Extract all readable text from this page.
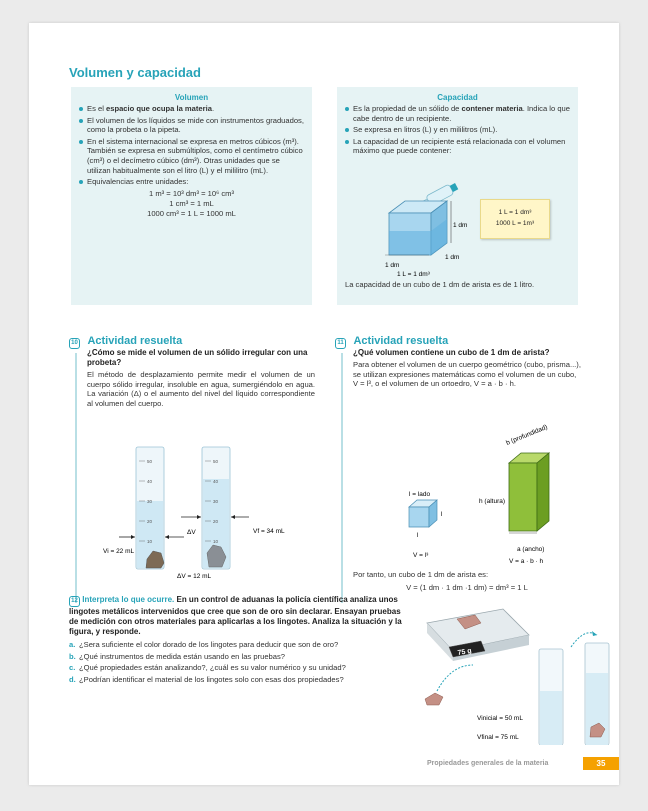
Volumen y capacidad
Volumen
Es el espacio que ocupa la materia.
El volumen de los líquidos se mide con instrumentos graduados, como la probeta o la pipeta.
En el sistema internacional se expresa en metros cúbicos (m³). También se expresa en submúltiplos, como el centímetro cúbico (cm³) o el decímetro cúbico (dm³). Otras unidades que se utilizan habitualmente son el litro (L) y el mililitro (mL).
Equivalencias entre unidades:
1 m³ = 10³ dm³ = 10⁶ cm³
1 cm³ = 1 mL
1000 cm³ = 1 L = 1000 mL
Capacidad
Es la propiedad de un sólido de contener materia. Indica lo que cabe dentro de un recipiente.
Se expresa en litros (L) y en mililitros (mL).
La capacidad de un recipiente está relacionada con el volumen máximo que puede contener:
1 dm
1 dm
1 dm
1 L = 1 dm³
1 L = 1 dm³
1000 L = 1m³
La capacidad de un cubo de 1 dm de arista es de 1 litro.
10 Actividad resuelta
¿Cómo se mide el volumen de un sólido irregular con una probeta?
El método de desplazamiento permite medir el volumen de un cuerpo sólido irregular, insoluble en agua, sumergiéndolo en agua. La variación (Δ) o el aumento del nivel del líquido correspondiente al volumen del cuerpo.
50
40
30
20
10
50
40
30
20
10
Vi = 22 mL
Vf = 34 mL
ΔV
ΔV = 12 mL
11 Actividad resuelta
¿Qué volumen contiene un cubo de 1 dm de arista?
Para obtener el volumen de un cuerpo geométrico (cubo, prisma...), se utilizan expresiones matemáticas como el volumen de un cubo, V = l³, o el volumen de un ortoedro, V = a · b · h.
l = lado
l
l
V = l³
b (profundidad)
h (altura)
a (ancho)
V = a · b · h
Por tanto, un cubo de 1 dm de arista es:
V = (1 dm · 1 dm ·1 dm) = dm³ = 1 L
12 Interpreta lo que ocurre. En un control de aduanas la policía científica analiza unos lingotes metálicos intervenidos que cree que son de oro sin declarar. Ensayan pruebas de medición con otros materiales para aplicarlas a los lingotes. Analiza la situación y la figura, y responde.
a. ¿Sera suficiente el color dorado de los lingotes para deducir que son de oro?
b. ¿Qué instrumentos de medida están usando en las pruebas?
c. ¿Qué propiedades están analizando?, ¿cuál es su valor numérico y su unidad?
d. ¿Podrían identificar el material de los lingotes solo con esas dos propiedades?
75 g
Vinicial = 50 mL
Vfinal = 75 mL
Propiedades generales de la materia	35
